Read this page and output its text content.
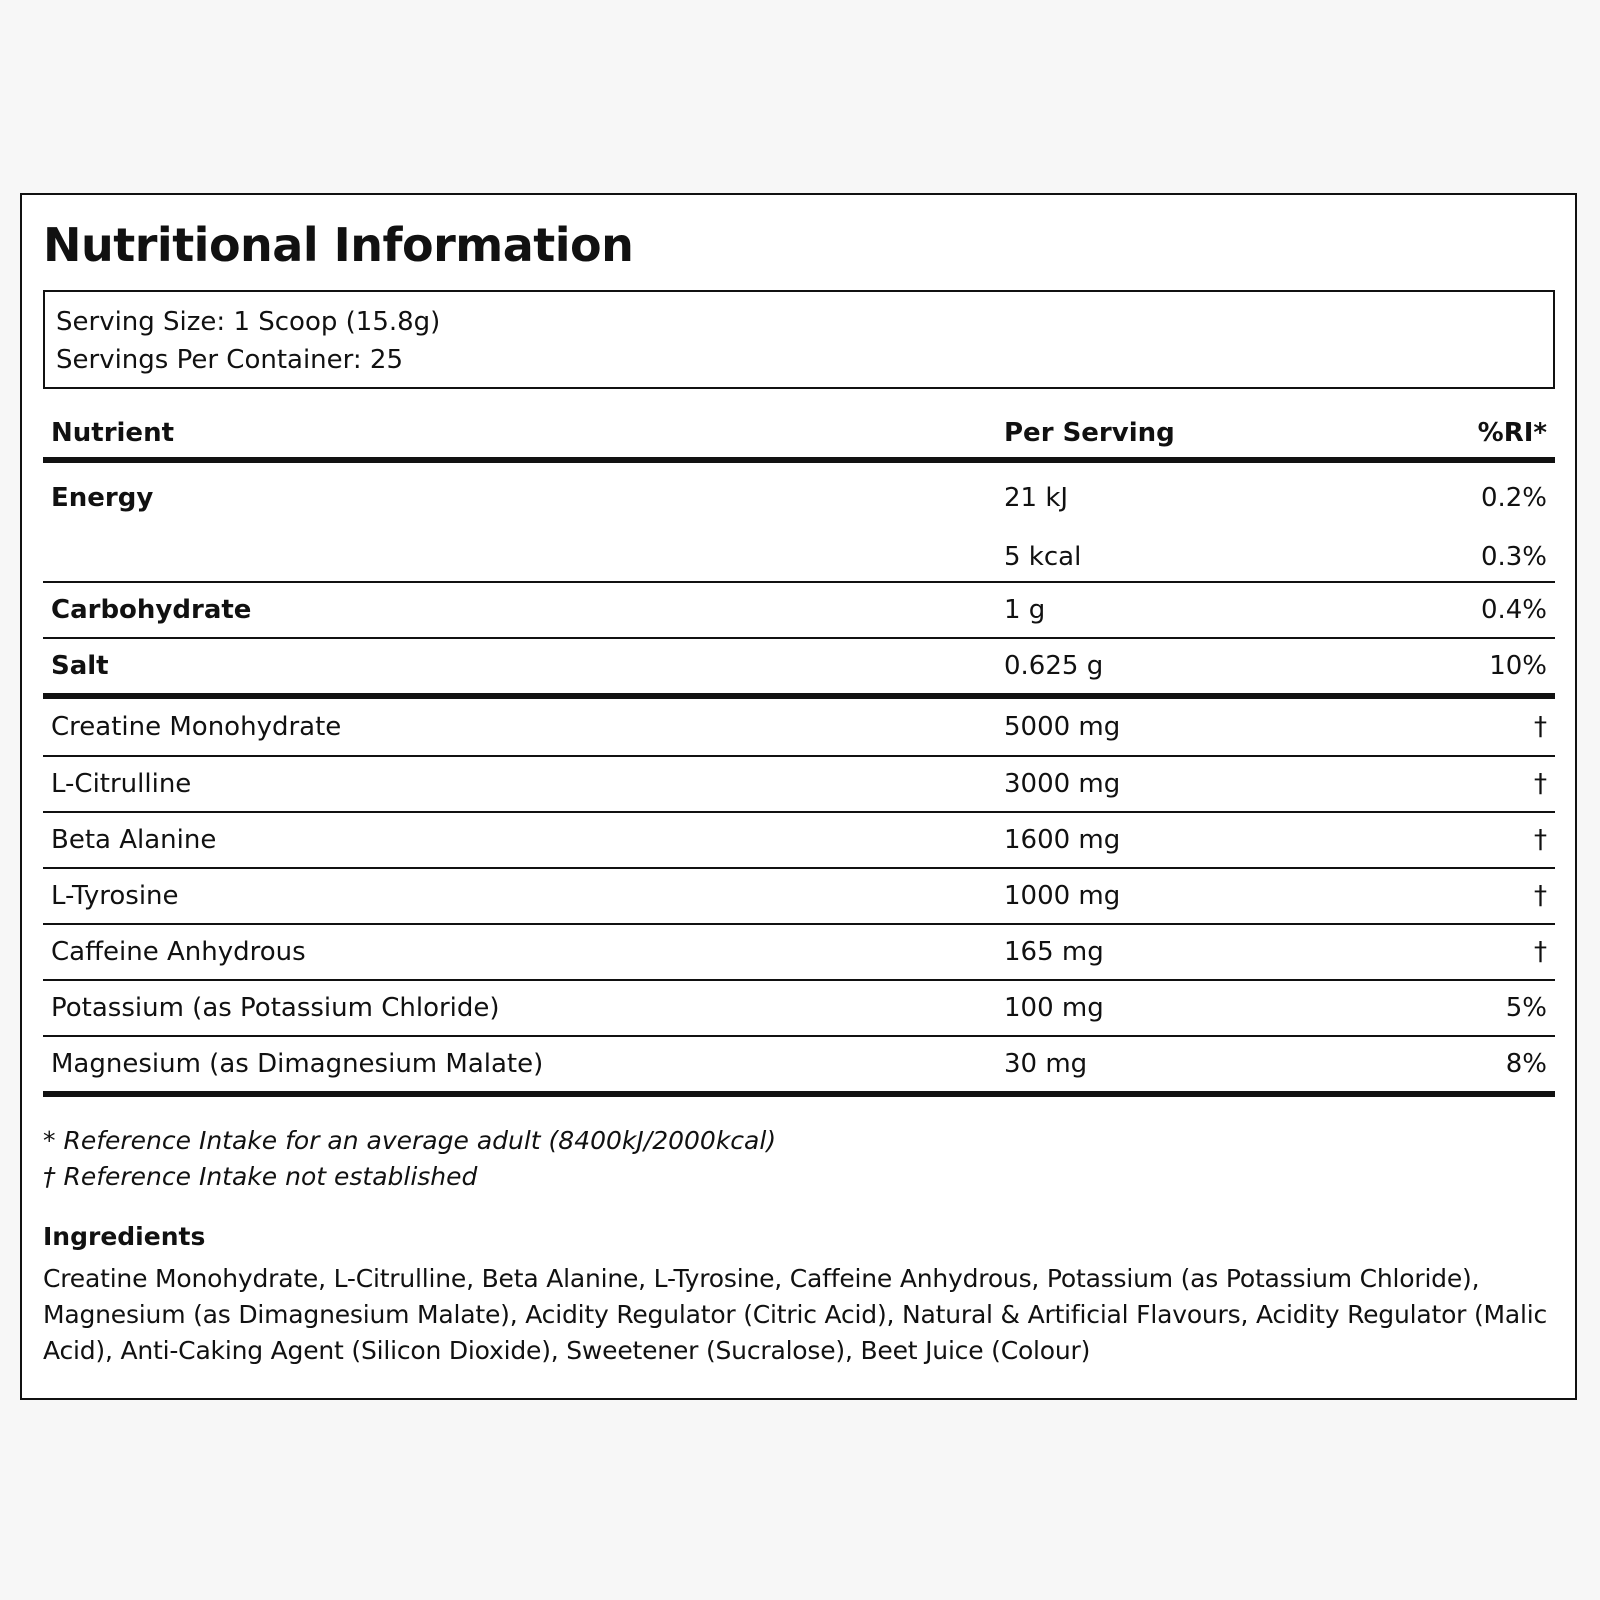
Nutritional Information
Serving Size: 1 Scoop (15.8g)
Servings Per Container: 25
Nutrient	Per Serving	%RI*
Energy	21 kJ	0.2%
	5 kcal	0.3%
Carbohydrate	1 g	0.4%
Salt	0.625 g	10%
Creatine Monohydrate	5000 mg	†
L-Citrulline	3000 mg	†
Beta Alanine	1600 mg	†
L-Tyrosine	1000 mg	†
Caffeine Anhydrous	165 mg	†
Potassium (as Potassium Chloride)	100 mg	5%
Magnesium (as Dimagnesium Malate)	30 mg	8%
* Reference Intake for an average adult (8400kJ/2000kcal)
† Reference Intake not established
Ingredients
Creatine Monohydrate, L-Citrulline, Beta Alanine, L-Tyrosine, Caffeine Anhydrous, Potassium (as Potassium Chloride), Magnesium (as Dimagnesium Malate), Acidity Regulator (Citric Acid), Natural & Artificial Flavours, Acidity Regulator (Malic Acid), Anti-Caking Agent (Silicon Dioxide), Sweetener (Sucralose), Beet Juice (Colour)
